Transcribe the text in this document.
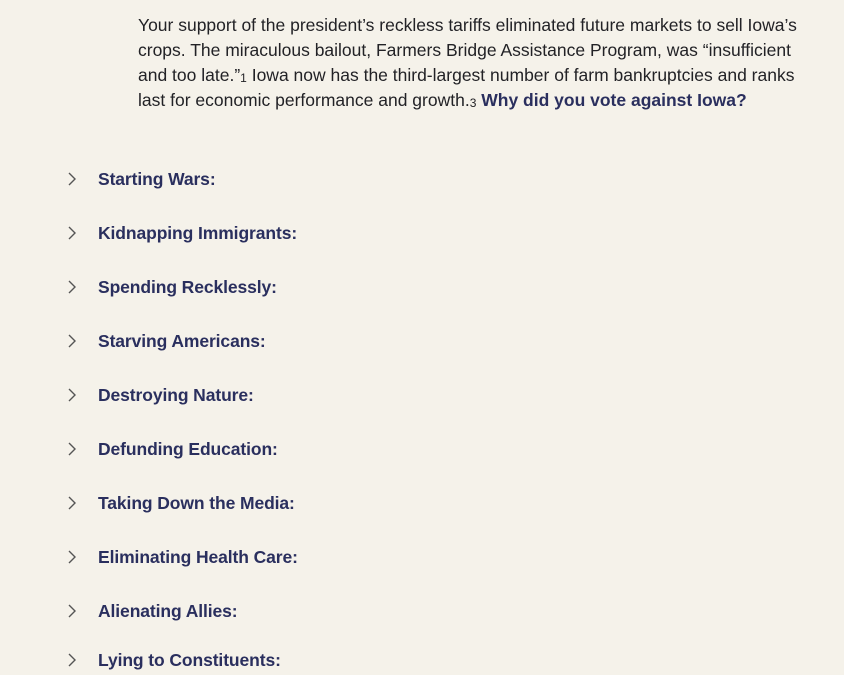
Your support of the president’s reckless tariffs eliminated future markets to sell Iowa’s crops. The miraculous bailout, Farmers Bridge Assistance Program, was “insufficient and too late.”1 Iowa now has the third-largest number of farm bankruptcies and ranks last for economic performance and growth.3 Why did you vote against Iowa?
Starting Wars:
Kidnapping Immigrants:
Spending Recklessly:
Starving Americans:
Destroying Nature:
Defunding Education:
Taking Down the Media:
Eliminating Health Care:
Alienating Allies:
Lying to Constituents:
